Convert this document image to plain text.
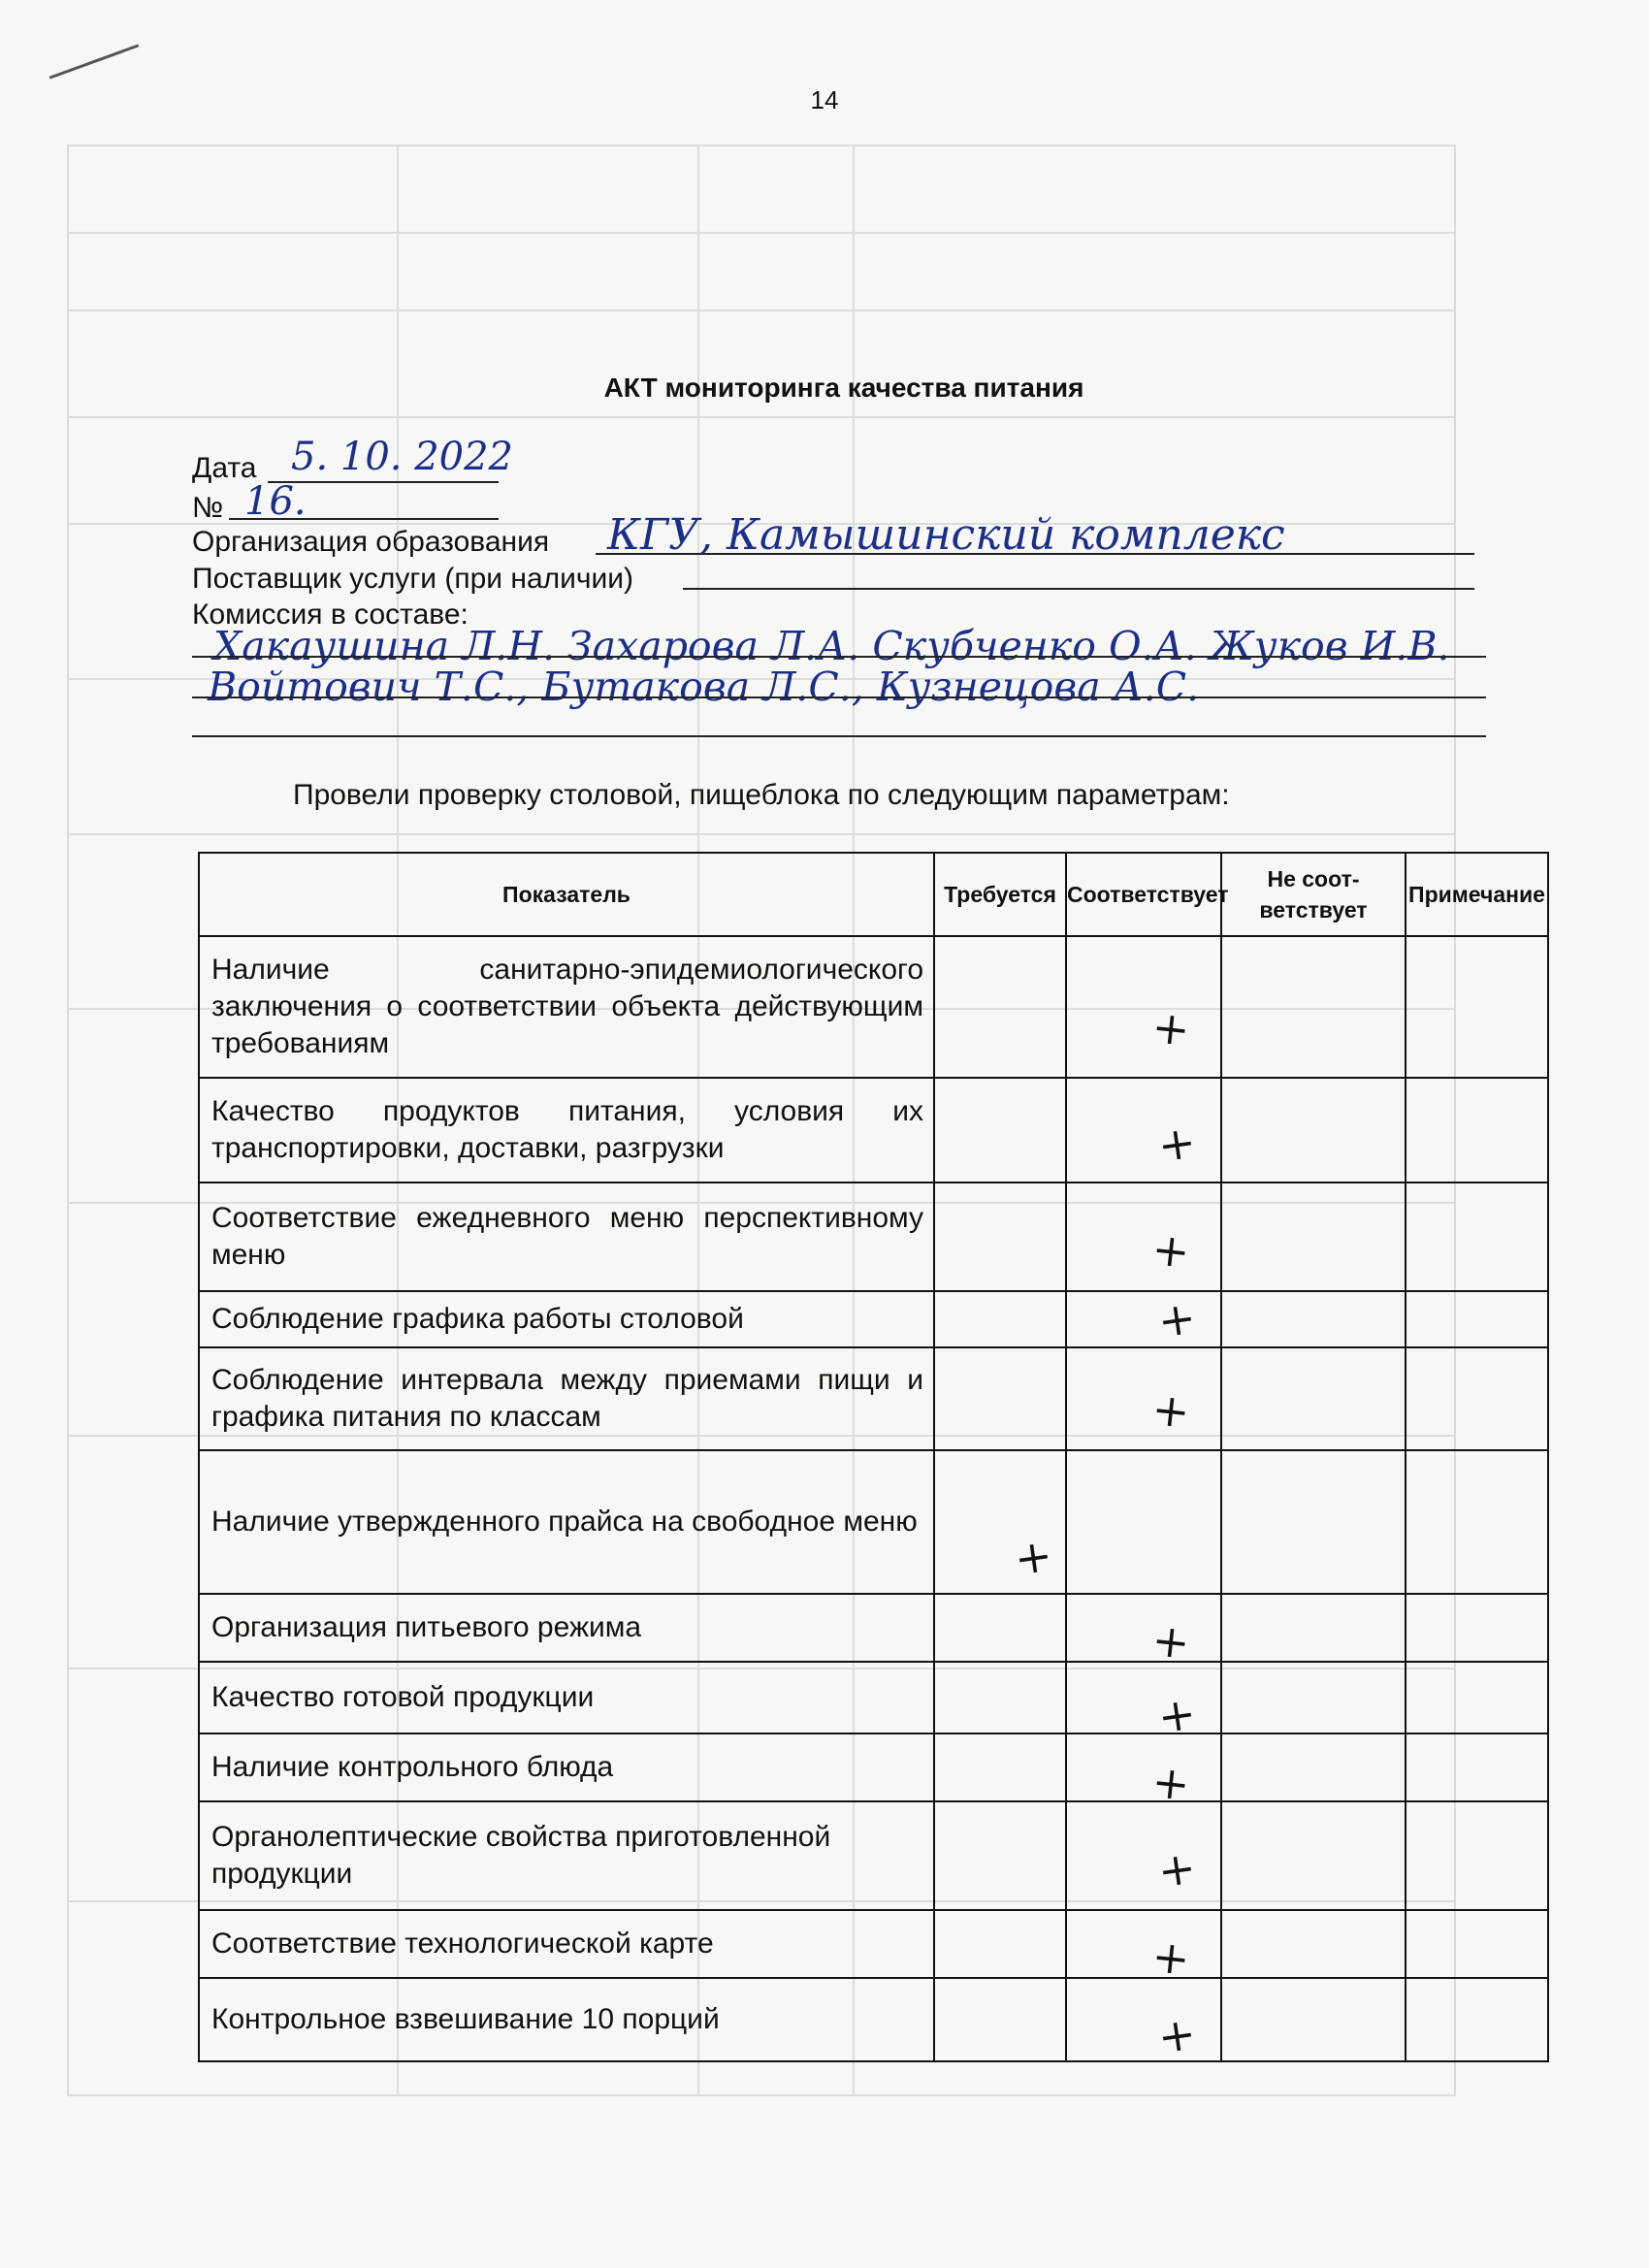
14
АКТ мониторинга качества питания
Дата 5. 10. 2022
№ 16.
Организация образования КГУ, Камышинский комплекс
Поставщик услуги (при наличии)
Комиссия в составе:
Хакаушина Л.Н. Захарова Л.А. Скубченко О.А. Жуков И.В.
Войтович Т.С., Бутакова Л.С., Кузнецова А.С.
Провели проверку столовой, пищеблока по следующим параметрам:
Показатель	Требуется	Соответствует	Не соот-ветствует	Примечание

Наличие санитарно-эпидемиологического заключения о соответствии объекта действующим требованиям		+		

Качество продуктов питания, условия их транспортировки, доставки, разгрузки		+		

Соответствие ежедневного меню перспективному меню		+		

Соблюдение графика работы столовой		+		

Соблюдение интервала между приемами пищи и графика питания по классам		+		

Наличие утвержденного прайса на свободное меню	+			

Организация питьевого режима		+		

Качество готовой продукции		+		

Наличие контрольного блюда		+		

Органолептические свойства приготовленной продукции		+		

Соответствие технологической карте		+		

Контрольное взвешивание 10 порций		+		
